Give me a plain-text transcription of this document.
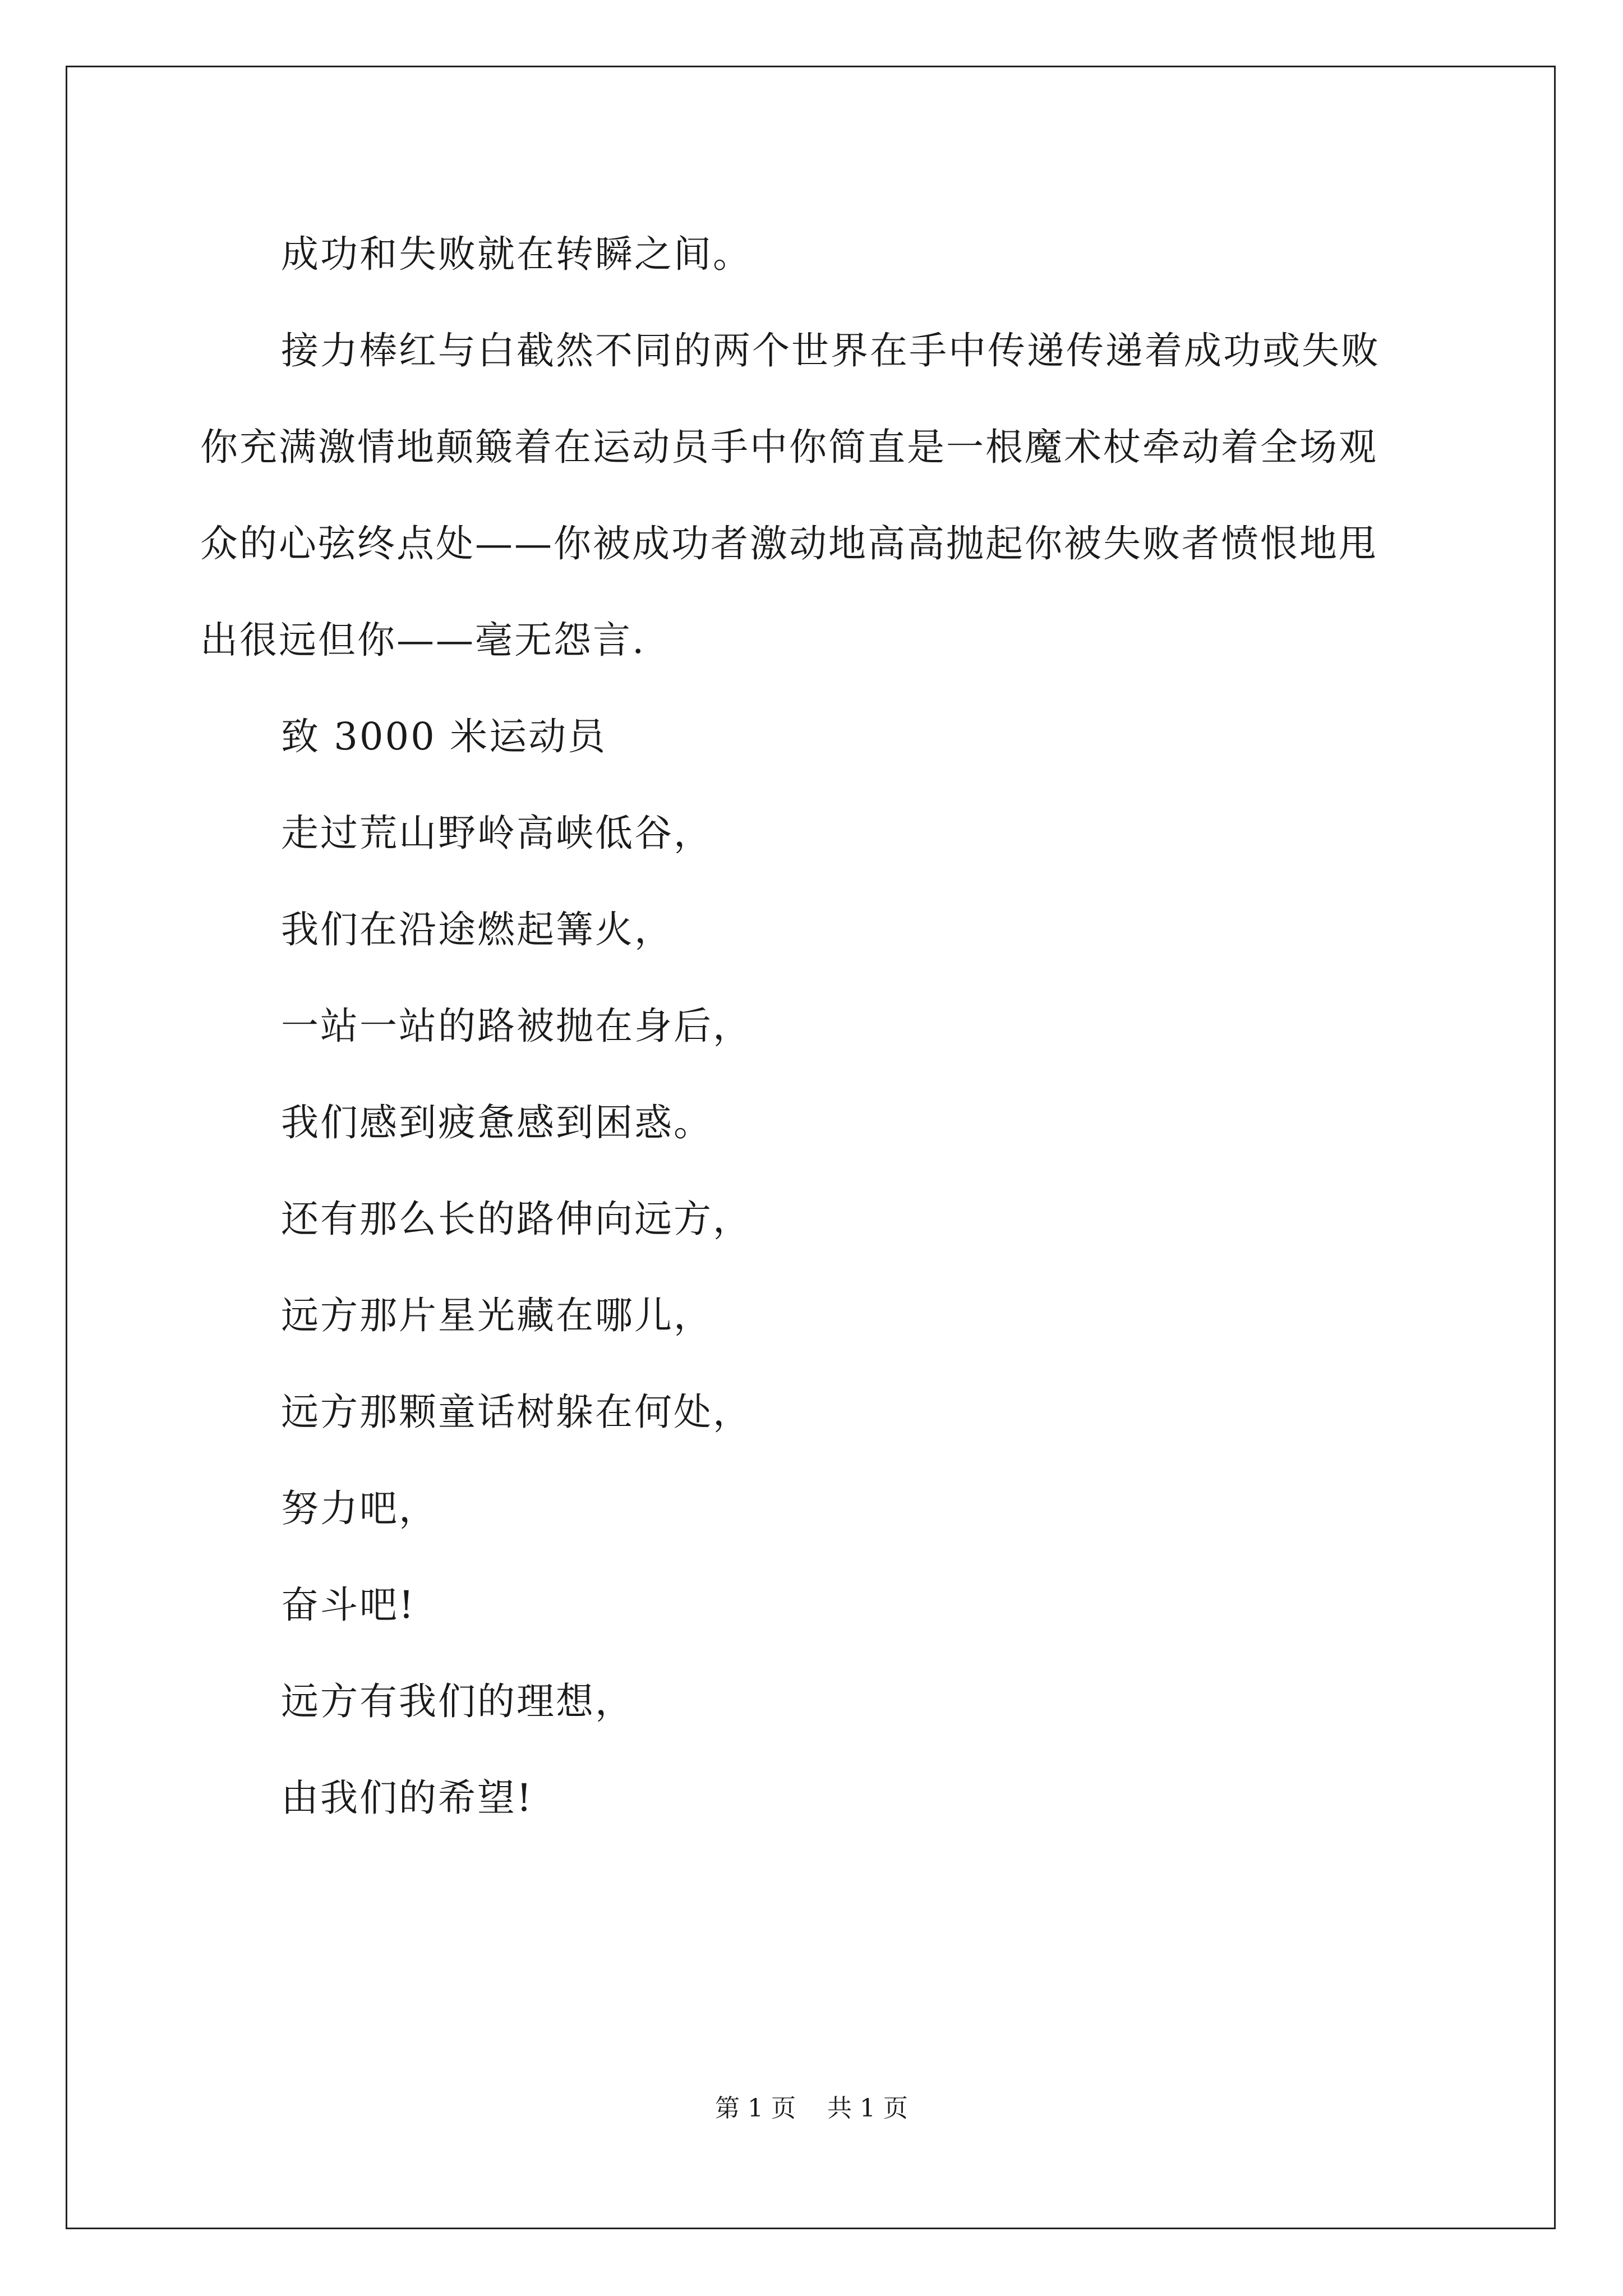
成功和失败就在转瞬之间。
接力棒红与白截然不同的两个世界在手中传递传递着成功或失败
你充满激情地颠簸着在运动员手中你简直是一根魔术杖牵动着全场观
众的心弦终点处——你被成功者激动地高高抛起你被失败者愤恨地甩
出很远但你——毫无怨言.
致 3000 米运动员
走过荒山野岭高峡低谷，
我们在沿途燃起篝火，
一站一站的路被抛在身后，
我们感到疲惫感到困惑。
还有那么长的路伸向远方，
远方那片星光藏在哪儿，
远方那颗童话树躲在何处，
努力吧，
奋斗吧!
远方有我们的理想，
由我们的希望!
第 1 页    共 1 页
